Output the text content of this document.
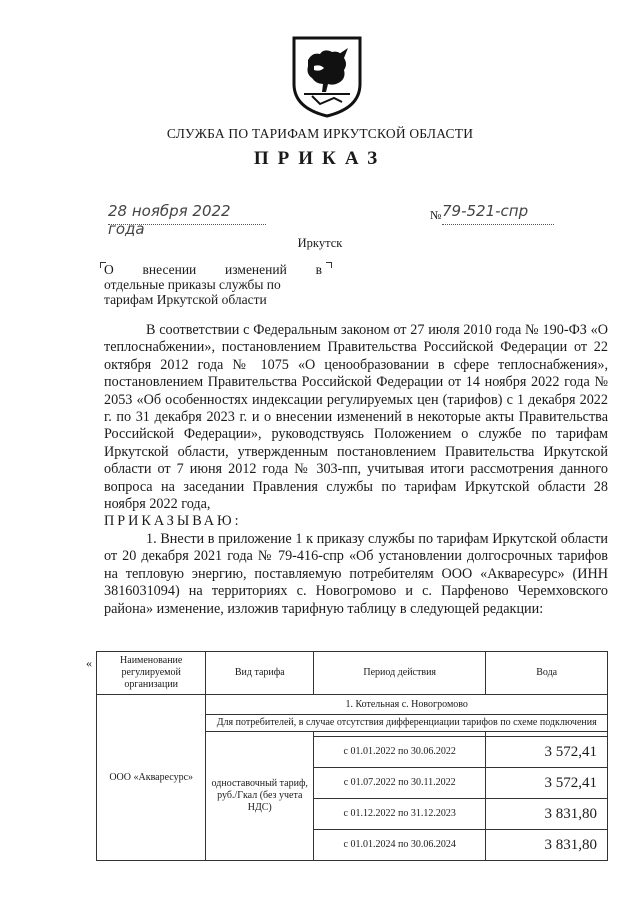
СЛУЖБА ПО ТАРИФАМ ИРКУТСКОЙ ОБЛАСТИ
ПРИКАЗ
28 ноября 2022 года
№ 79-521-спр
Иркутск
О внесении изменений в
отдельные приказы службы по
тарифам Иркутской области

В соответствии с Федеральным законом от 27 июля 2010 года № 190-ФЗ «О теплоснабжении», постановлением Правительства Российской Федерации от 22 октября 2012 года № 1075 «О ценообразовании в сфере теплоснабжения», постановлением Правительства Российской Федерации от 14 ноября 2022 года № 2053 «Об особенностях индексации регулируемых цен (тарифов) с 1 декабря 2022 г. по 31 декабря 2023 г. и о внесении изменений в некоторые акты Правительства Российской Федерации», руководствуясь Положением о службе по тарифам Иркутской области, утвержденным постановлением Правительства Иркутской области от 7 июня 2012 года № 303-пп, учитывая итоги рассмотрения данного вопроса на заседании Правления службы по тарифам Иркутской области 28 ноября 2022 года,

ПРИКАЗЫВАЮ:

1. Внести в приложение 1 к приказу службы по тарифам Иркутской области от 20 декабря 2021 года № 79-416-спр «Об установлении долгосрочных тарифов на тепловую энергию, поставляемую потребителям ООО «Акваресурс» (ИНН 3816031094) на территориях с. Новогромово и с. Парфеново Черемховского района» изменение, изложив тарифную таблицу в следующей редакции:

«	Наименование регулируемой организации	Вид тарифа	Период действия	Вода
ООО «Акваресурс»	1. Котельная с. Новогромово		
	Для потребителей, в случае отсутствия дифференциации тарифов по схеме подключения		
	одноставочный тариф, руб./Гкал (без учета НДС)		
		с 01.01.2022 по 30.06.2022	3 572,41
		с 01.07.2022 по 30.11.2022	3 572,41
		с 01.12.2022 по 31.12.2023	3 831,80
		с 01.01.2024 по 30.06.2024	3 831,80
